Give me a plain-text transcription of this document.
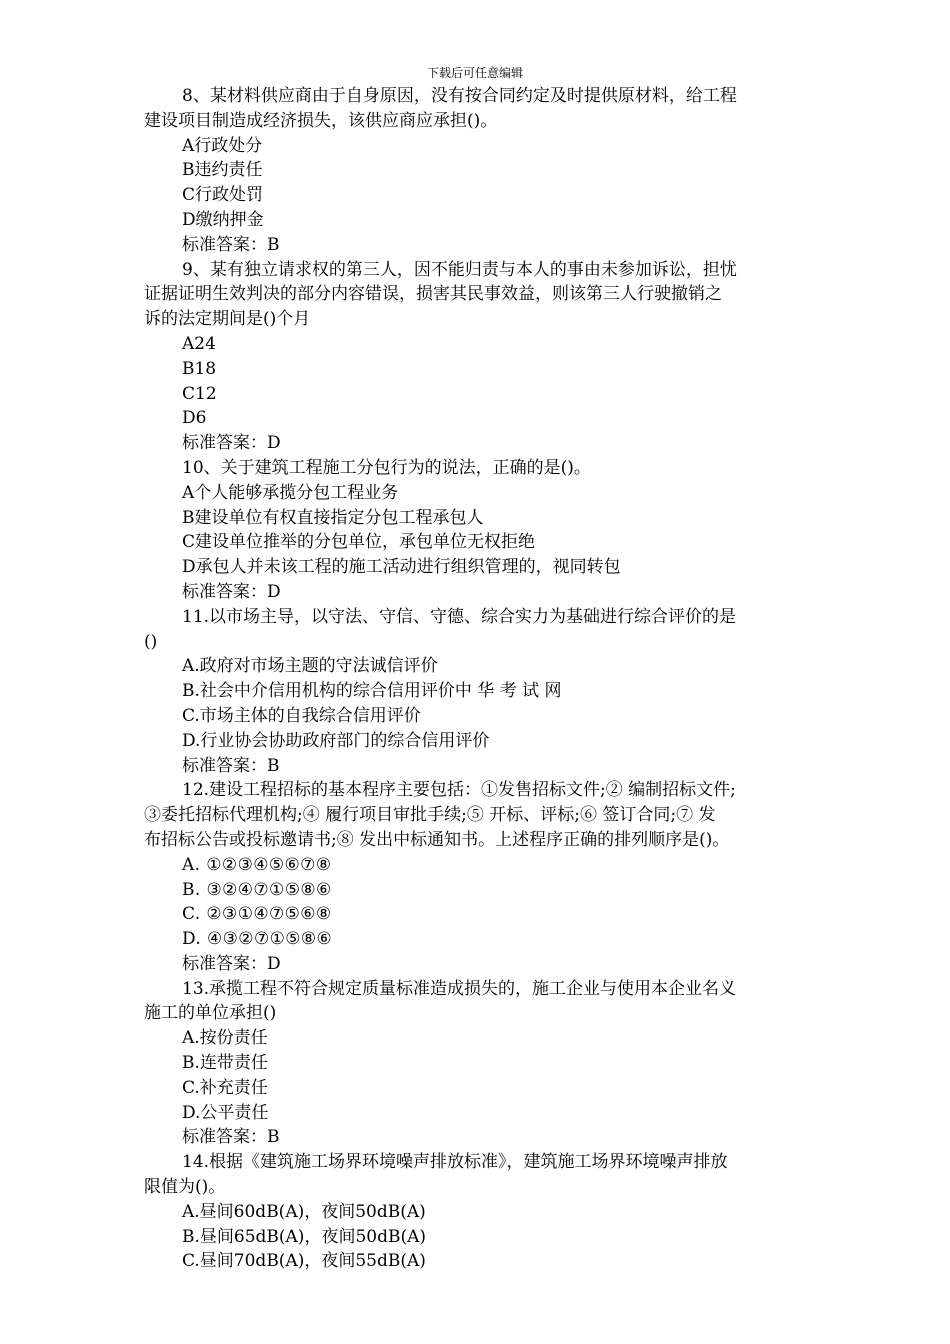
下载后可任意编辑
8、某材料供应商由于自身原因，没有按合同约定及时提供原材料，给工程
建设项目制造成经济损失，该供应商应承担()。
A行政处分
B违约责任
C行政处罚
D缴纳押金
标准答案：B
9、某有独立请求权的第三人，因不能归责与本人的事由未参加诉讼，担忧
证据证明生效判决的部分内容错误，损害其民事效益，则该第三人行驶撤销之
诉的法定期间是()个月
A24
B18
C12
D6
标准答案：D
10、关于建筑工程施工分包行为的说法，正确的是()。
A个人能够承揽分包工程业务
B建设单位有权直接指定分包工程承包人
C建设单位推举的分包单位，承包单位无权拒绝
D承包人并未该工程的施工活动进行组织管理的，视同转包
标准答案：D
11.以市场主导，以守法、守信、守德、综合实力为基础进行综合评价的是
()
A.政府对市场主题的守法诚信评价
B.社会中介信用机构的综合信用评价中 华 考 试 网
C.市场主体的自我综合信用评价
D.行业协会协助政府部门的综合信用评价
标准答案：B
12.建设工程招标的基本程序主要包括：①发售招标文件;② 编制招标文件;
③委托招标代理机构;④ 履行项目审批手续;⑤ 开标、评标;⑥ 签订合同;⑦ 发
布招标公告或投标邀请书;⑧ 发出中标通知书。上述程序正确的排列顺序是()。
A. ①②③④⑤⑥⑦⑧
B. ③②④⑦①⑤⑧⑥
C. ②③①④⑦⑤⑥⑧
D. ④③②⑦①⑤⑧⑥
标准答案：D
13.承揽工程不符合规定质量标准造成损失的，施工企业与使用本企业名义
施工的单位承担()
A.按份责任
B.连带责任
C.补充责任
D.公平责任
标准答案：B
14.根据《建筑施工场界环境噪声排放标准》，建筑施工场界环境噪声排放
限值为()。
A.昼间60dB(A)，夜间50dB(A)
B.昼间65dB(A)，夜间50dB(A)
C.昼间70dB(A)，夜间55dB(A)
